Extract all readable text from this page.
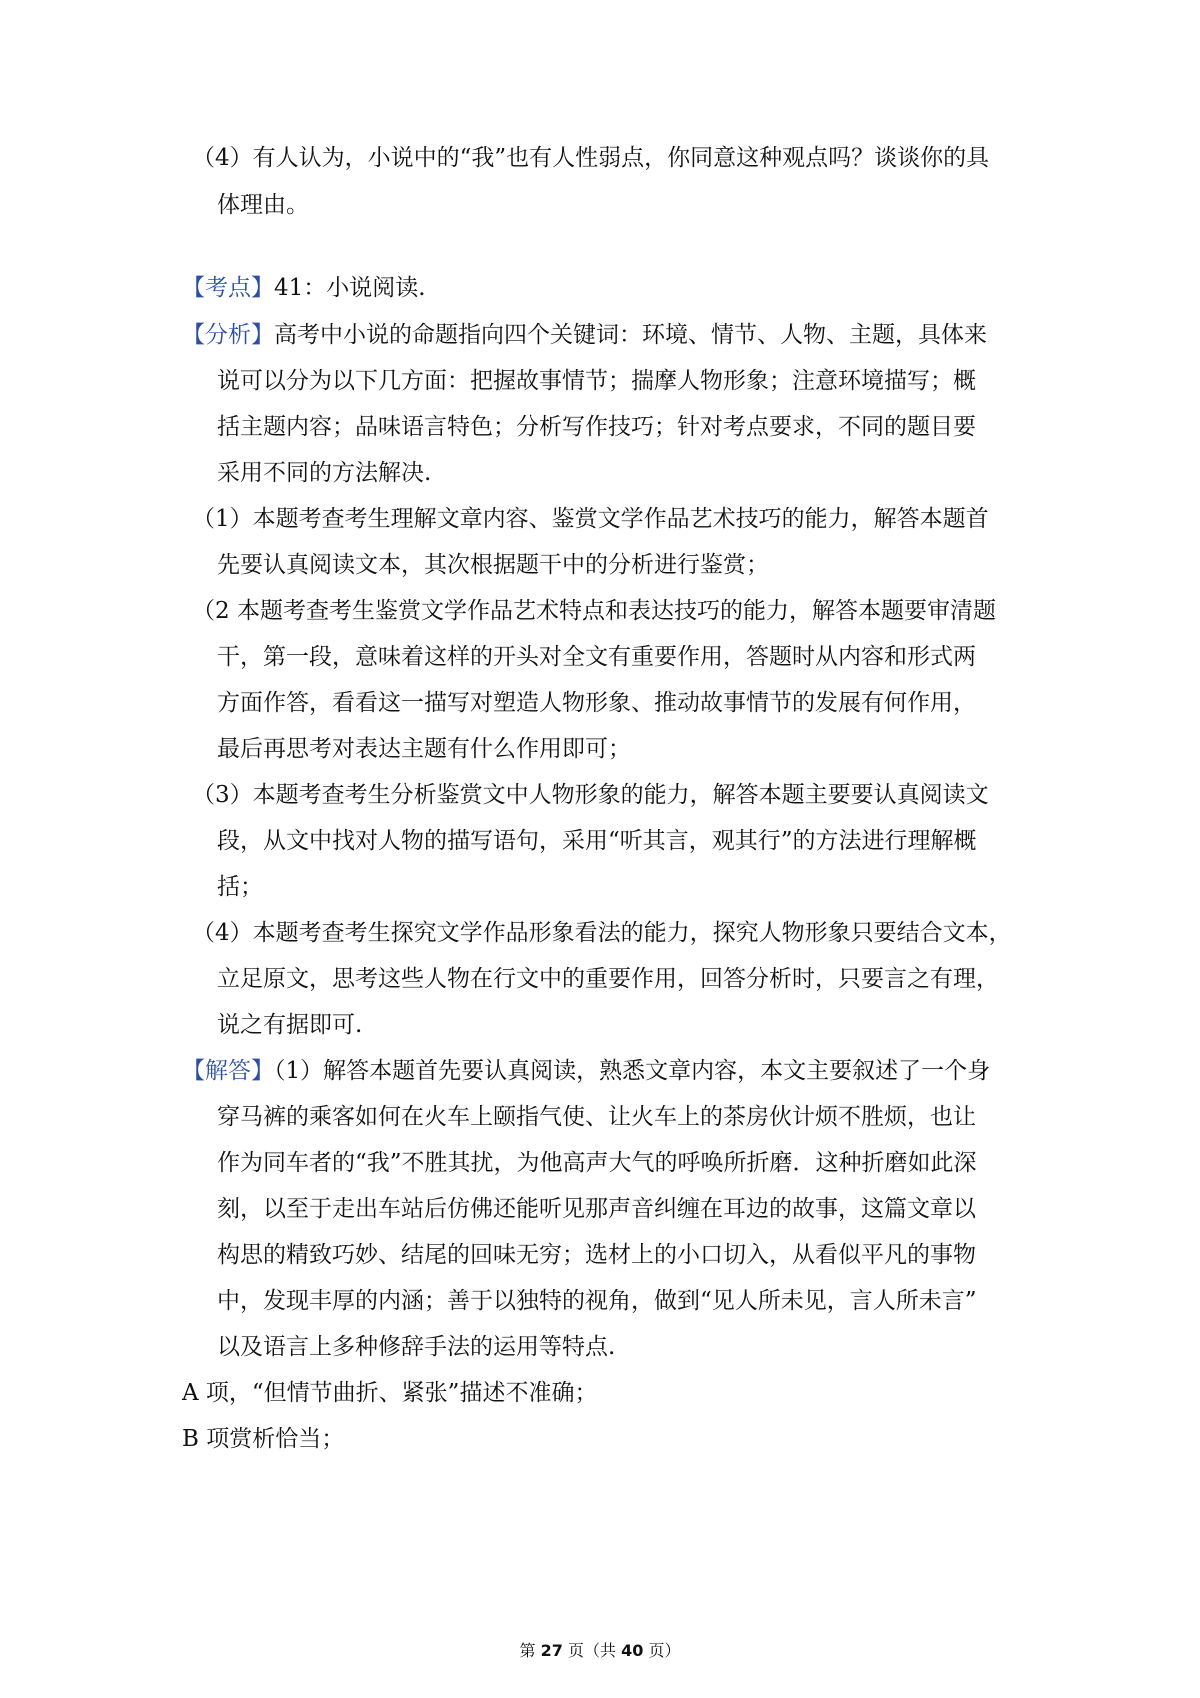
（4）有人认为，小说中的“我”也有人性弱点，你同意这种观点吗？谈谈你的具
体理由。
【考点】41：小说阅读.
【分析】高考中小说的命题指向四个关键词：环境、情节、人物、主题，具体来
说可以分为以下几方面：把握故事情节；揣摩人物形象；注意环境描写；概
括主题内容；品味语言特色；分析写作技巧；针对考点要求，不同的题目要
采用不同的方法解决.
（1）本题考查考生理解文章内容、鉴赏文学作品艺术技巧的能力，解答本题首
先要认真阅读文本，其次根据题干中的分析进行鉴赏；
（2 本题考查考生鉴赏文学作品艺术特点和表达技巧的能力，解答本题要审清题
干，第一段，意味着这样的开头对全文有重要作用，答题时从内容和形式两
方面作答，看看这一描写对塑造人物形象、推动故事情节的发展有何作用，
最后再思考对表达主题有什么作用即可；
（3）本题考查考生分析鉴赏文中人物形象的能力，解答本题主要要认真阅读文
段，从文中找对人物的描写语句，采用“听其言，观其行”的方法进行理解概
括；
（4）本题考查考生探究文学作品形象看法的能力，探究人物形象只要结合文本，
立足原文，思考这些人物在行文中的重要作用，回答分析时，只要言之有理，
说之有据即可.
【解答】（1）解答本题首先要认真阅读，熟悉文章内容，本文主要叙述了一个身
穿马裤的乘客如何在火车上颐指气使、让火车上的茶房伙计烦不胜烦，也让
作为同车者的“我”不胜其扰，为他高声大气的呼唤所折磨．这种折磨如此深
刻，以至于走出车站后仿佛还能听见那声音纠缠在耳边的故事，这篇文章以
构思的精致巧妙、结尾的回味无穷；选材上的小口切入，从看似平凡的事物
中，发现丰厚的内涵；善于以独特的视角，做到“见人所未见，言人所未言”
以及语言上多种修辞手法的运用等特点.
A 项，“但情节曲折、紧张”描述不准确；
B 项赏析恰当；
第 27 页（共 40 页）
